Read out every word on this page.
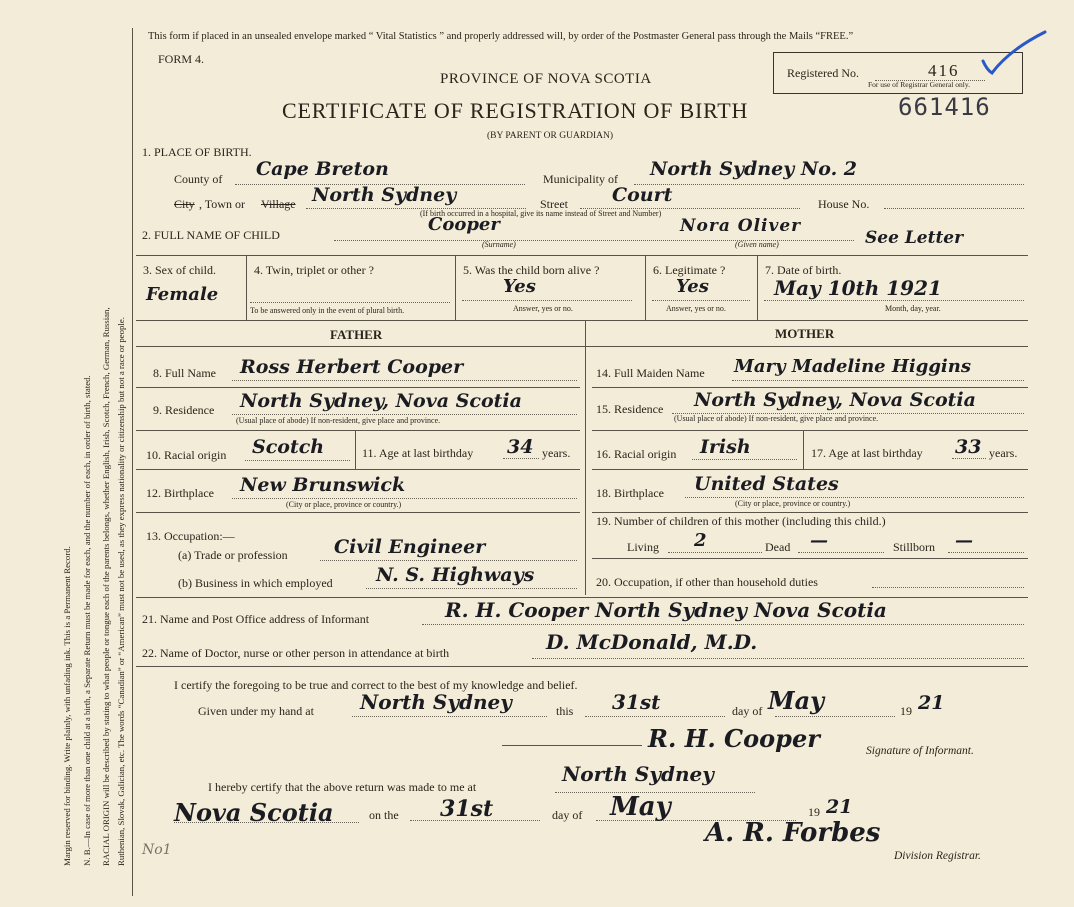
Margin reserved for binding. Write plainly, with unfading ink. This is a Permanent Record. N. B.—In case of more than one child at a birth, a Separate Return must be made for each, and the number of each, in order of birth, stated. RACIAL ORIGIN will be described by stating to what people or tongue each of the parents belongs, whether English, Irish, Scotch, French, German, Russian, Ruthenian, Slovak, Galician, etc. The words “Canadian” or “American” must not be used, as they express nationality or citizenship but not a race or people.
This form if placed in an unsealed envelope marked “ Vital Statistics ” and properly addressed will, by order of the Postmaster General pass through the Mails “FREE.”
FORM 4.
PROVINCE OF NOVA SCOTIA
CERTIFICATE OF REGISTRATION OF BIRTH
(BY PARENT OR GUARDIAN)
Registered No.	416
For use of Registrar General only.
661416
1. PLACE OF BIRTH.
County of Cape Breton	Municipality of North Sydney No. 2
City , Town or Village North Sydney	Street Court	House No.
(If birth occurred in a hospital, give its name instead of Street and Number)
2. FULL NAME OF CHILD	Cooper	Nora Oliver
(Surname)	(Given name)	See Letter
3. Sex of child.
Female
4. Twin, triplet or other ?
To be answered only in the event of plural birth.
5. Was the child born alive ?
Yes
Answer, yes or no.
6. Legitimate ?
Yes
Answer, yes or no.
7. Date of birth.
May 10th 1921
Month, day, year.
FATHER	MOTHER
8. Full Name Ross Herbert Cooper
9. Residence North Sydney, Nova Scotia
(Usual place of abode) If non-resident, give place and province.
10. Racial origin Scotch	11. Age at last birthday 34 years.
12. Birthplace New Brunswick
(City or place, province or country.)
13. Occupation:—
(a) Trade or profession Civil Engineer
(b) Business in which employed N. S. Highways
14. Full Maiden Name Mary Madeline Higgins
15. Residence North Sydney, Nova Scotia
(Usual place of abode) If non-resident, give place and province.
16. Racial origin Irish	17. Age at last birthday 33 years.
18. Birthplace United States
(City or place, province or country.)
19. Number of children of this mother (including this child.)
Living 2	Dead —	Stillborn —
20. Occupation, if other than household duties
21. Name and Post Office address of Informant	R. H. Cooper North Sydney Nova Scotia
22. Name of Doctor, nurse or other person in attendance at birth	D. McDonald, M.D.
I certify the foregoing to be true and correct to the best of my knowledge and belief.
Given under my hand at North Sydney	this 31st	day of May	19 21
R. H. Cooper	Signature of Informant.
I hereby certify that the above return was made to me at
North Sydney
Nova Scotia	on the 31st	day of May	19 21
A. R. Forbes
Division Registrar.
No1
